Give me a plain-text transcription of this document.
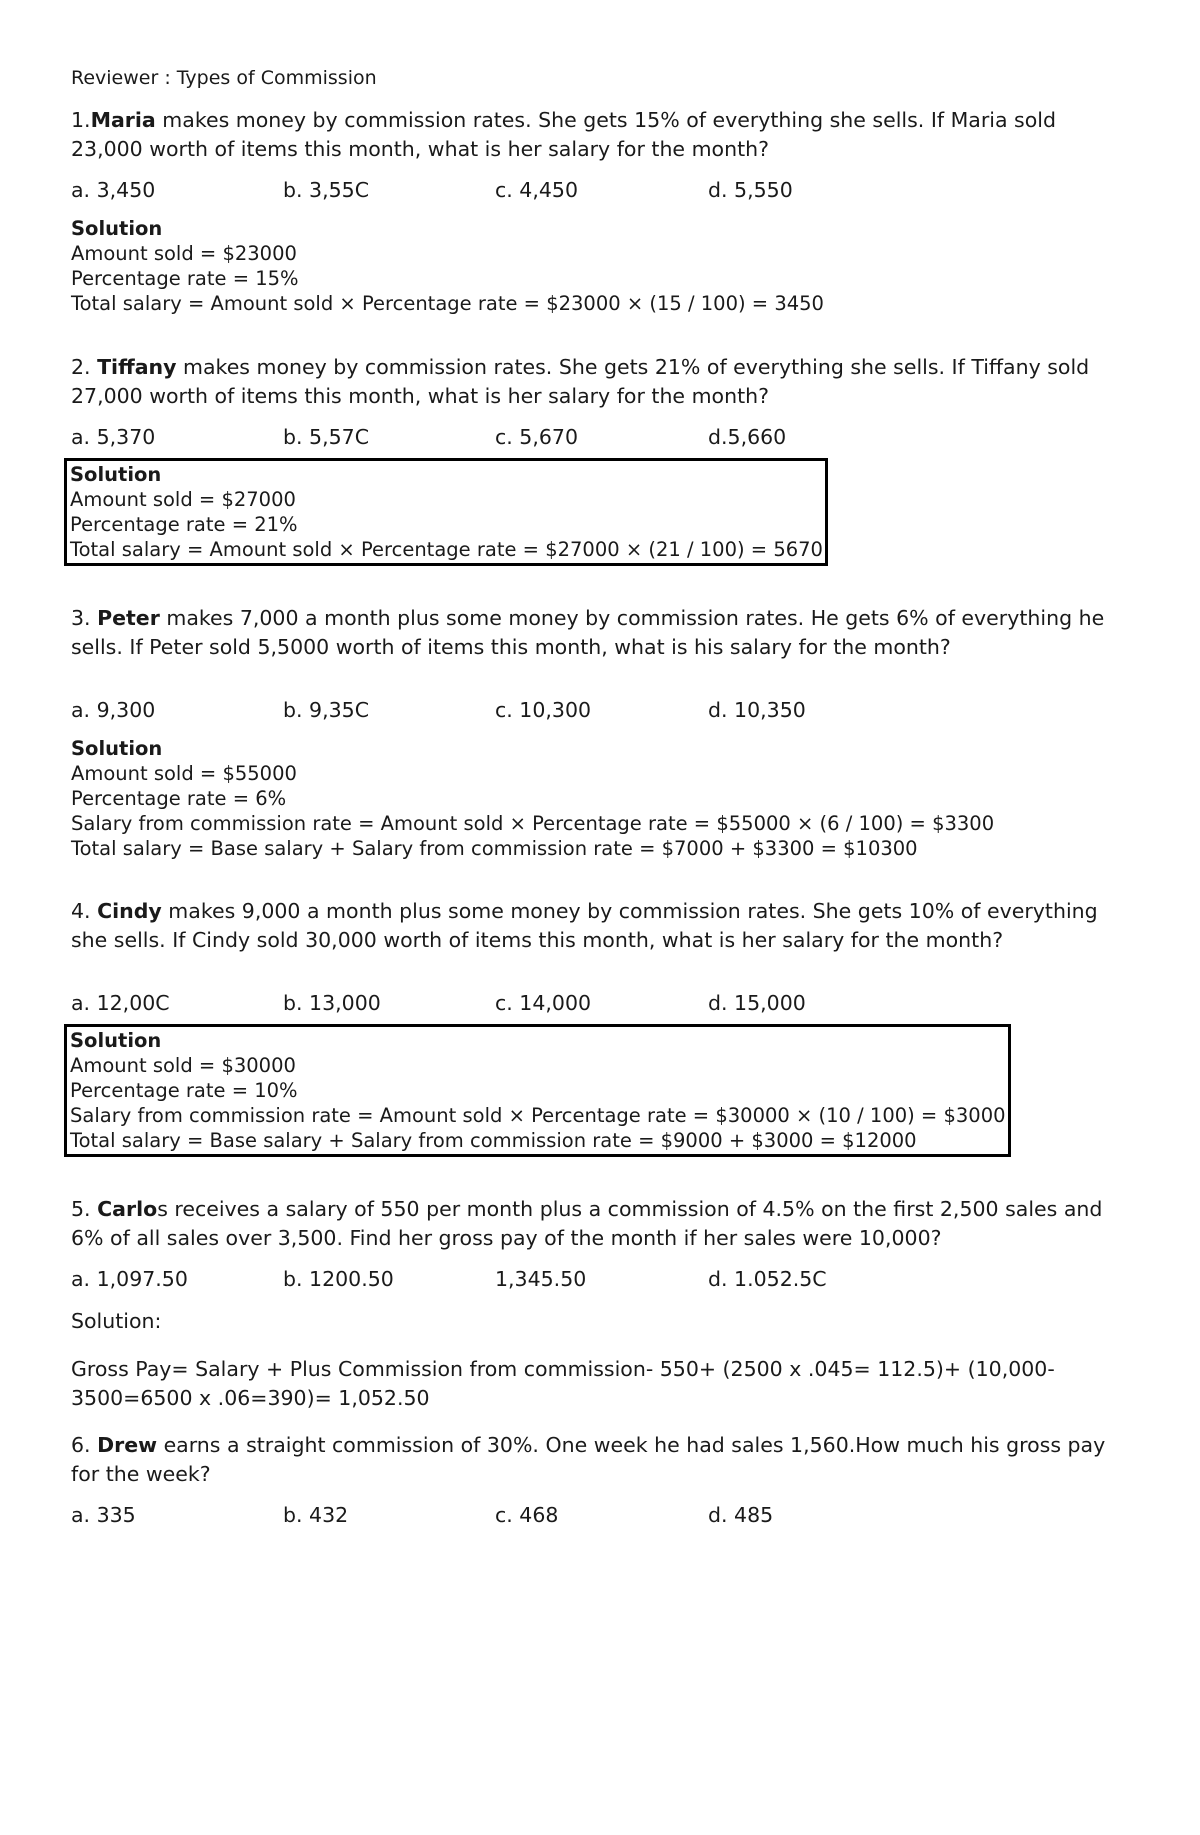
Reviewer : Types of Commission

1.Maria makes money by commission rates. She gets 15% of everything she sells. If Maria sold 23,000 worth of items this month, what is her salary for the month?

a. 3,450	b. 3,55C	c. 4,450	d. 5,550
Solution
Amount sold = $23000
Percentage rate = 15%
Total salary = Amount sold × Percentage rate = $23000 × (15 / 100) = 3450

2. Tiffany makes money by commission rates. She gets 21% of everything she sells. If Tiffany sold 27,000 worth of items this month, what is her salary for the month?

a. 5,370	b. 5,57C	c. 5,670	d.5,660
Solution
Amount sold = $27000
Percentage rate = 21%
Total salary = Amount sold × Percentage rate = $27000 × (21 / 100) = 5670

3. Peter makes 7,000 a month plus some money by commission rates. He gets 6% of everything he sells. If Peter sold 5,5000 worth of items this month, what is his salary for the month?

a. 9,300	b. 9,35C	c. 10,300	d. 10,350
Solution
Amount sold = $55000
Percentage rate = 6%
Salary from commission rate = Amount sold × Percentage rate = $55000 × (6 / 100) = $3300
Total salary = Base salary + Salary from commission rate = $7000 + $3300 = $10300

4. Cindy makes 9,000 a month plus some money by commission rates. She gets 10% of everything she sells. If Cindy sold 30,000 worth of items this month, what is her salary for the month?

a. 12,00C	b. 13,000	c. 14,000	d. 15,000
Solution
Amount sold = $30000
Percentage rate = 10%
Salary from commission rate = Amount sold × Percentage rate = $30000 × (10 / 100) = $3000
Total salary = Base salary + Salary from commission rate = $9000 + $3000 = $12000

5. Carlos receives a salary of 550 per month plus a commission of 4.5% on the first 2,500 sales and 6% of all sales over 3,500. Find her gross pay of the month if her sales were 10,000?

a. 1,097.50	b. 1200.50	1,345.50	d. 1.052.5C

Solution:

Gross Pay= Salary + Plus Commission from commission- 550+ (2500 x .045= 112.5)+ (10,000-3500=6500 x .06=390)= 1,052.50

6. Drew earns a straight commission of 30%. One week he had sales 1,560.How much his gross pay for the week?

a. 335	b. 432	c. 468	d. 485
